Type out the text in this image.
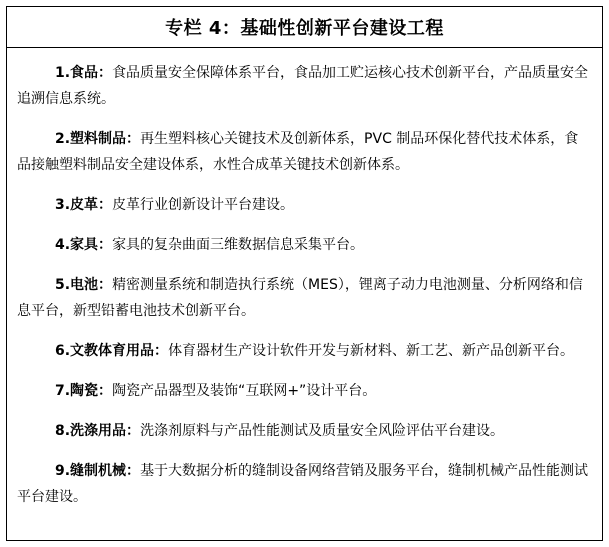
专栏 4：基础性创新平台建设工程

1.食品：食品质量安全保障体系平台，食品加工贮运核心技术创新平台，产品质量安全追溯信息系统。

2.塑料制品：再生塑料核心关键技术及创新体系，PVC 制品环保化替代技术体系，食品接触塑料制品安全建设体系，水性合成革关键技术创新体系。

3.皮革：皮革行业创新设计平台建设。

4.家具：家具的复杂曲面三维数据信息采集平台。

5.电池：精密测量系统和制造执行系统（MES），锂离子动力电池测量、分析网络和信息平台，新型铅蓄电池技术创新平台。

6.文教体育用品：体育器材生产设计软件开发与新材料、新工艺、新产品创新平台。

7.陶瓷：陶瓷产品器型及装饰“互联网+”设计平台。

8.洗涤用品：洗涤剂原料与产品性能测试及质量安全风险评估平台建设。

9.缝制机械：基于大数据分析的缝制设备网络营销及服务平台，缝制机械产品性能测试平台建设。
